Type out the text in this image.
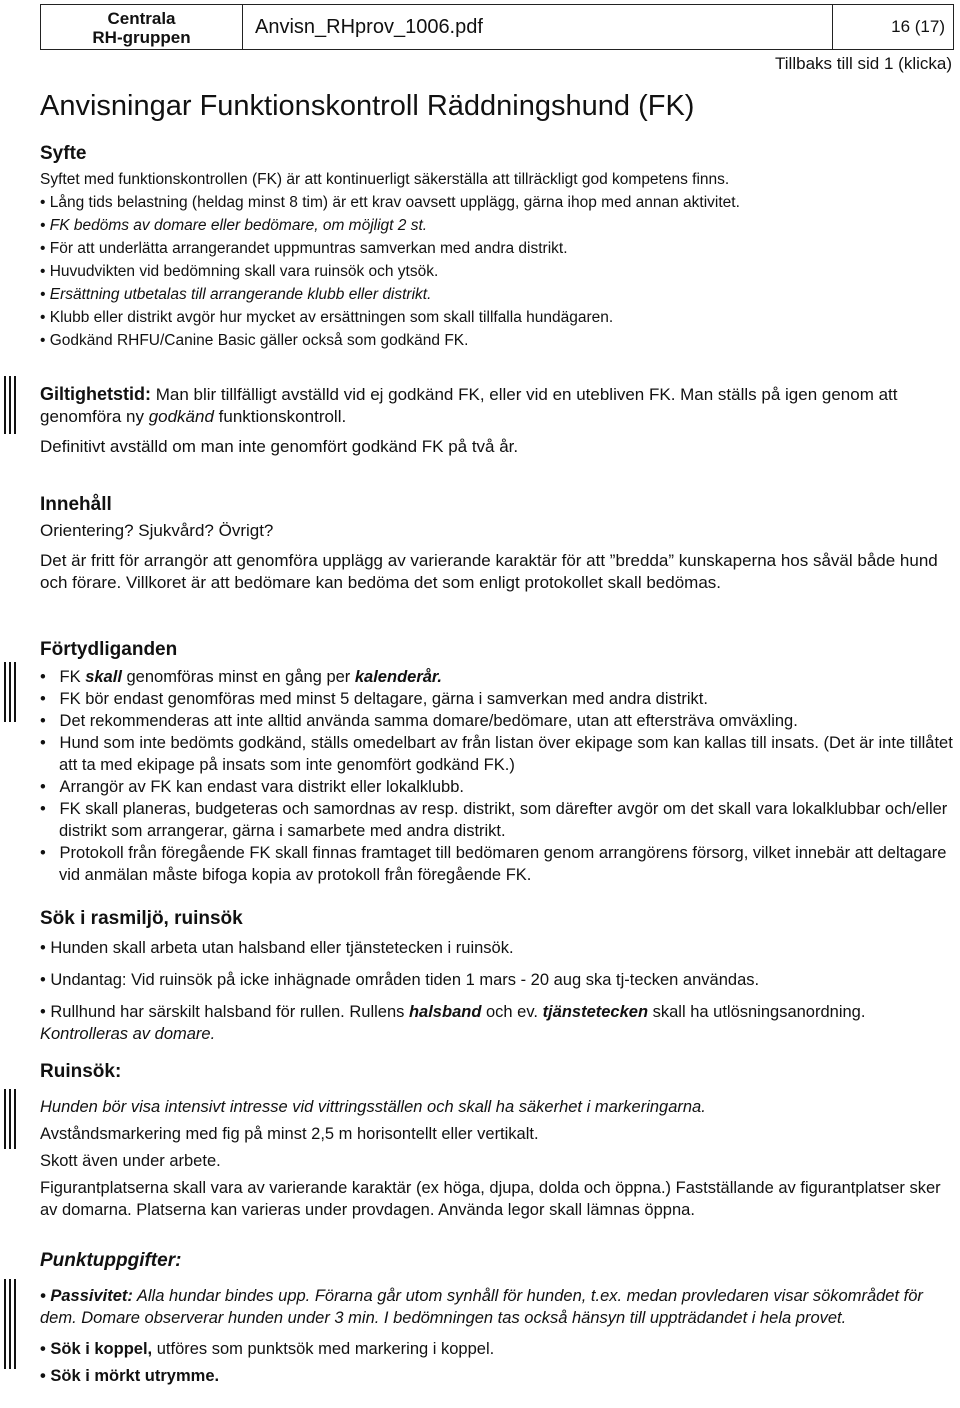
Centrala
RH-gruppen	Anvisn_RHprov_1006.pdf	16 (17)
Tillbaks till sid 1 (klicka)
Anvisningar Funktionskontroll Räddningshund (FK)

Syfte

Syftet med funktionskontrollen (FK) är att kontinuerligt säkerställa att tillräckligt god kompetens finns.

• Lång tids belastning (heldag minst 8 tim) är ett krav oavsett upplägg, gärna ihop med annan aktivitet.

• FK bedöms av domare eller bedömare, om möjligt 2 st.

• För att underlätta arrangerandet uppmuntras samverkan med andra distrikt.

• Huvudvikten vid bedömning skall vara ruinsök och ytsök.

• Ersättning utbetalas till arrangerande klubb eller distrikt.

• Klubb eller distrikt avgör hur mycket av ersättningen som skall tillfalla hundägaren.

• Godkänd RHFU/Canine Basic gäller också som godkänd FK.

Giltighetstid: Man blir tillfälligt avställd vid ej godkänd FK, eller vid en utebliven FK. Man ställs på igen genom att genomföra ny godkänd funktionskontroll.

Definitivt avställd om man inte genomfört godkänd FK på två år.

Innehåll

Orientering? Sjukvård? Övrigt?

Det är fritt för arrangör att genomföra upplägg av varierande karaktär för att ”bredda” kunskaperna hos såväl både hund och förare. Villkoret är att bedömare kan bedöma det som enligt protokollet skall bedömas.

Förtydliganden

•   FK skall genomföras minst en gång per kalenderår.

•   FK bör endast genomföras med minst 5 deltagare, gärna i samverkan med andra distrikt.

•   Det rekommenderas att inte alltid använda samma domare/bedömare, utan att eftersträva omväxling.

•   Hund som inte bedömts godkänd, ställs omedelbart av från listan över ekipage som kan kallas till insats. (Det är inte tillåtet att ta med ekipage på insats som inte genomfört godkänd FK.)

•   Arrangör av FK kan endast vara distrikt eller lokalklubb.

•   FK skall planeras, budgeteras och samordnas av resp. distrikt, som därefter avgör om det skall vara lokalklubbar och/eller distrikt som arrangerar, gärna i samarbete med andra distrikt.

•   Protokoll från föregående FK skall finnas framtaget till bedömaren genom arrangörens försorg, vilket innebär att deltagare vid anmälan måste bifoga kopia av protokoll från föregående FK.

Sök i rasmiljö, ruinsök

• Hunden skall arbeta utan halsband eller tjänstetecken i ruinsök.

• Undantag: Vid ruinsök på icke inhägnade områden tiden 1 mars - 20 aug ska tj-tecken användas.

• Rullhund har särskilt halsband för rullen. Rullens halsband och ev. tjänstetecken skall ha utlösningsanordning. Kontrolleras av domare.

Ruinsök:

Hunden bör visa intensivt intresse vid vittringsställen och skall ha säkerhet i markeringarna.

Avståndsmarkering med fig på minst 2,5 m horisontellt eller vertikalt.

Skott även under arbete.

Figurantplatserna skall vara av varierande karaktär (ex höga, djupa, dolda och öppna.) Fastställande av figurantplatser sker av domarna. Platserna kan varieras under provdagen. Använda legor skall lämnas öppna.

Punktuppgifter:

• Passivitet: Alla hundar bindes upp. Förarna går utom synhåll för hunden, t.ex. medan provledaren visar sökområdet för dem. Domare observerar hunden under 3 min. I bedömningen tas också hänsyn till uppträdandet i hela provet.

• Sök i koppel, utföres som punktsök med markering i koppel.

• Sök i mörkt utrymme.
